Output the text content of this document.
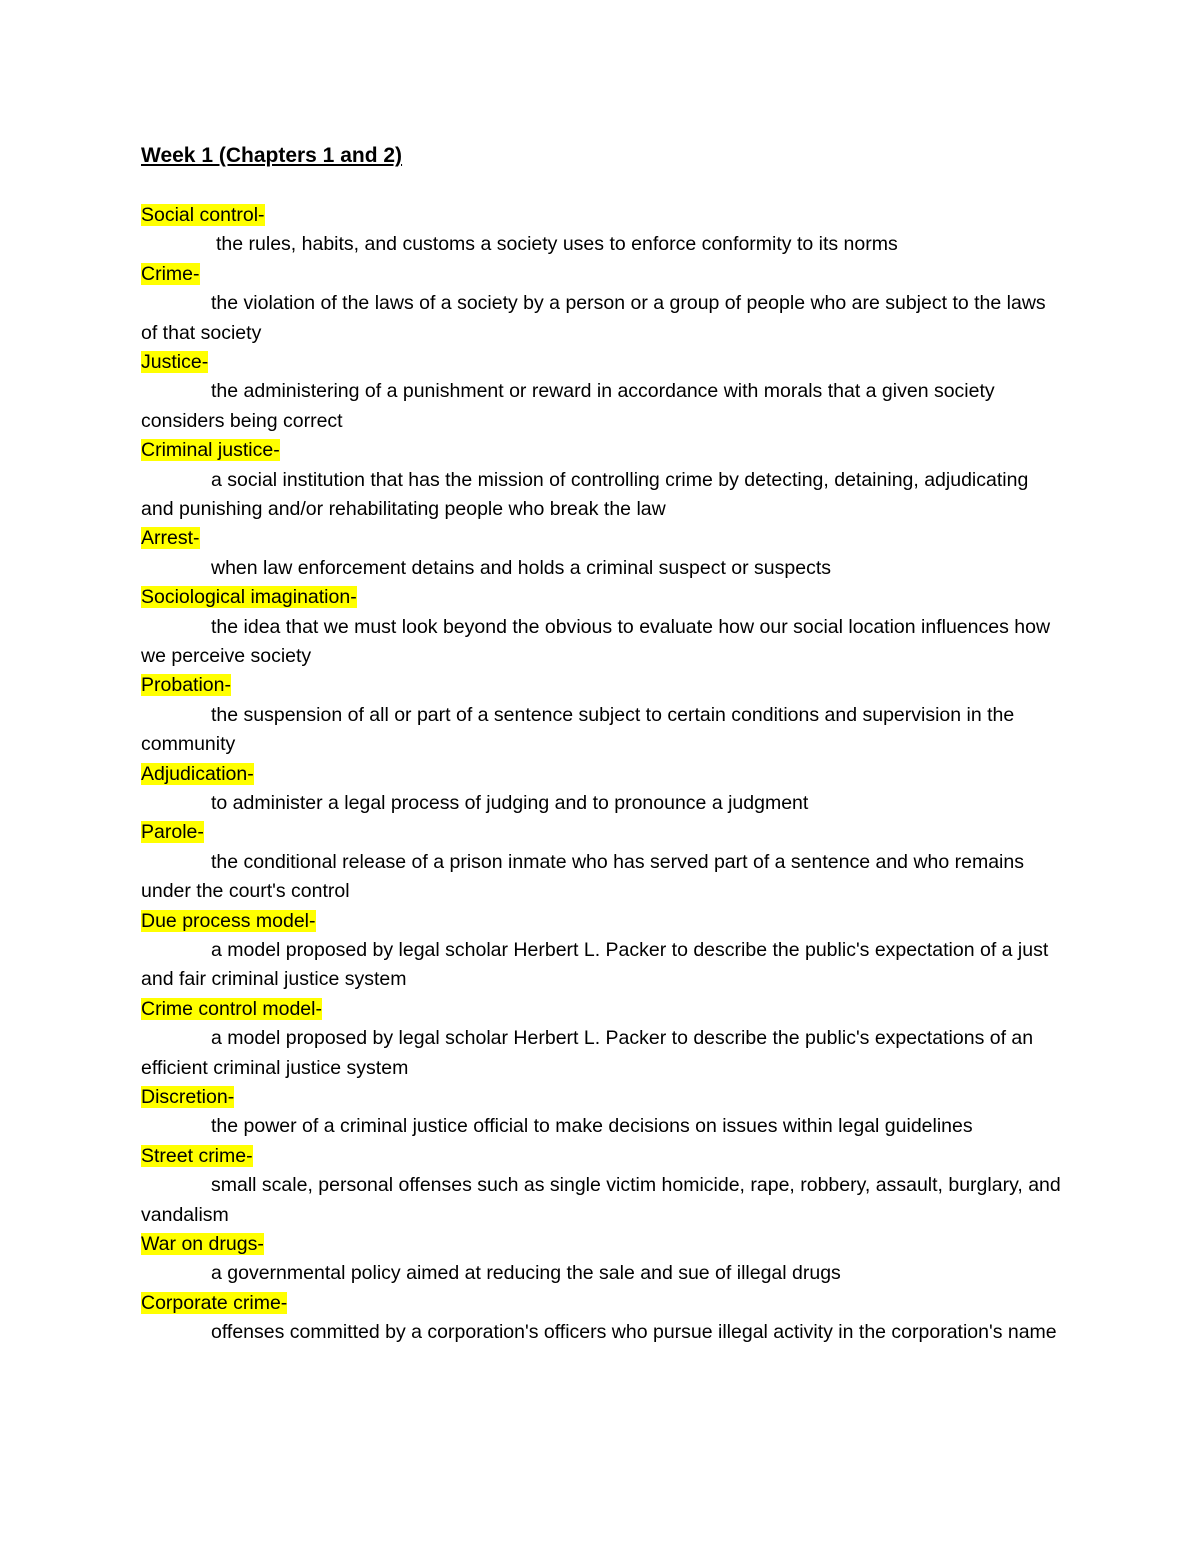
Week 1 (Chapters 1 and 2)
Social control-

the rules, habits, and customs a society uses to enforce conformity to its norms

Crime-

the violation of the laws of a society by a person or a group of people who are subject to the laws of that society

Justice-

the administering of a punishment or reward in accordance with morals that a given society considers being correct

Criminal justice-

a social institution that has the mission of controlling crime by detecting, detaining, adjudicating and punishing and/or rehabilitating people who break the law

Arrest-

when law enforcement detains and holds a criminal suspect or suspects

Sociological imagination-

the idea that we must look beyond the obvious to evaluate how our social location influences how we perceive society

Probation-

the suspension of all or part of a sentence subject to certain conditions and supervision in the community

Adjudication-

to administer a legal process of judging and to pronounce a judgment

Parole-

the conditional release of a prison inmate who has served part of a sentence and who remains under the court's control

Due process model-

a model proposed by legal scholar Herbert L. Packer to describe the public's expectation of a just and fair criminal justice system

Crime control model-

a model proposed by legal scholar Herbert L. Packer to describe the public's expectations of an efficient criminal justice system

Discretion-

the power of a criminal justice official to make decisions on issues within legal guidelines

Street crime-

small scale, personal offenses such as single victim homicide, rape, robbery, assault, burglary, and vandalism

War on drugs-

a governmental policy aimed at reducing the sale and sue of illegal drugs

Corporate crime-

offenses committed by a corporation's officers who pursue illegal activity in the corporation's name
